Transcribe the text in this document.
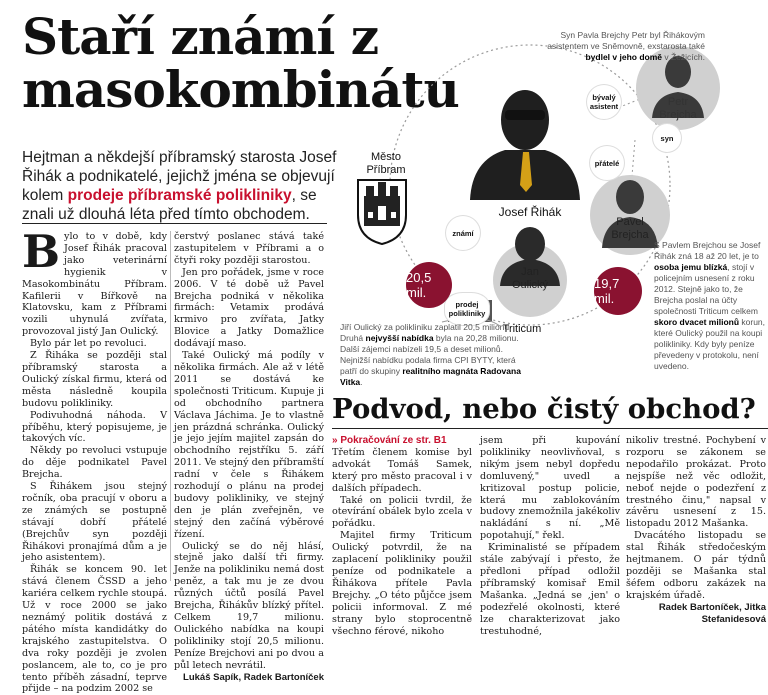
Staří známí z masokombinátu
Hejtman a někdejší příbramský starosta Josef Řihák a podnikatelé, jejichž jména se objevují kolem prodeje příbramské polikliniky, se znali už dlouhá léta před tímto obchodem.

Bylo to v době, kdy Josef Řihák pracoval jako veterinární hygienik v Masokombinátu Příbram. Kafilerii v Bířkově na Klatovsku, kam z Příbrami vozili uhynulá zvířata, provozoval jistý Jan Oulický.

Bylo pár let po revoluci.

Z Řiháka se později stal příbramský starosta a Oulický získal firmu, která od města následně koupila budovu polikliniky.

Podivuhodná náhoda. V příběhu, který popisujeme, je takových víc.

Někdy po revoluci vstupuje do děje podnikatel Pavel Brejcha.

S Řihákem jsou stejný ročník, oba pracují v oboru a ze známých se postupně stávají dobří přátelé (Brejchův syn později Řihákovi pronajímá dům a je jeho asistentem).

Řihák se koncem 90. let stává členem ČSSD a jeho kariéra celkem rychle stoupá. Už v roce 2000 se jako neznámý politik dostává z pátého místa kandidátky do krajského zastupitelstva. O dva roky později je zvolen poslancem, ale to, co je pro tento příběh zásadní, teprve přijde – na podzim 2002 se

čerstvý poslanec stává také zastupitelem v Příbrami a o čtyři roky později starostou.

Jen pro pořádek, jsme v roce 2006. V té době už Pavel Brejcha podniká v několika firmách: Vetamix prodává krmivo pro zvířata, Jatky Blovice a Jatky Domažlice dodávají maso.

Také Oulický má podíly v několika firmách. Ale až v létě 2011 se dostává ke společnosti Triticum. Kupuje ji od obchodního partnera Václava Jáchima. Je to vlastně jen prázdná schránka. Oulický je jejo jejím majitel zapsán do obchodního rejstříku 5. září 2011. Ve stejný den příbramští radní v čele s Řihákem rozhodují o plánu na prodej budovy polikliniky, ve stejný den je plán zveřejněn, ve stejný den začíná výběrové řízení.

Oulický se do něj hlásí, stejně jako další tři firmy. Jenže na polikliniku nemá dost peněz, a tak mu je ze dvou různých účtů posílá Pavel Brejcha, Řihákův blízký přítel. Celkem 19,7 milionu. Oulického nabídka na koupi polikliniky stojí 20,5 milionu. Peníze Brejchovi ani po dvou a půl letech nevrátil.

Lukáš Sapík, Radek Bartoníček
Město Příbram
Josef Řihák
Petr Brejcha
Pavel Brejcha
Jan Oulický
Triticum
bývalý asistent
syn
přátelé
známí
prodej polikliniky
20,5 mil.
19,7 mil.
Syn Pavla Brejchy Petr byl Řihákovým asistentem ve Sněmovně, exstarosta také bydlel v jeho domě v Žežicích.
S Pavlem Brejchou se Josef Řihák zná 18 až 20 let, je to osoba jemu blízká, stojí v policejním usnesení z roku 2012. Stejně jako to, že Brejcha poslal na účty společnosti Triticum celkem skoro dvacet milionů korun, které Oulický použil na koupi polikliniky. Kdy byly peníze převedeny v protokolu, není uvedeno.
Jiří Oulický za polikliniku zaplatil 20,5 milionu. Druhá nejvyšší nabídka byla na 20,28 milionu. Další zájemci nabízeli 19,5 a deset milionů. Nejnižší nabídku podala firma CPI BYTY, která patří do skupiny realitního magnáta Radovana Vitka.
Podvod, nebo čistý obchod?

» Pokračování ze str. B1

Třetím členem komise byl advokát Tomáš Samek, který pro město pracoval i v dalších případech.

Také on policii tvrdil, že otevírání obálek bylo zcela v pořádku.

Majitel firmy Triticum Oulický potvrdil, že na zaplacení polikliniky použil peníze od podnikatele a Řihákova přítele Pavla Brejchy. „O této půjčce jsem policii informoval. Z mé strany bylo stoprocentně všechno férové, nikoho

jsem při kupování polikliniky neovlivňoval, s nikým jsem nebyl dopředu domluvený," uvedl a kritizoval postup policie, která mu zablokováním budovy znemožnila jakékoliv nakládání s ní. „Mě popotahují," řekl.

Kriminalisté se případem stále zabývají i přesto, že předloni případ odložil příbramský komisař Emil Mašanka. „Jedná se ,jen' o podezřelé okolnosti, které lze charakterizovat jako trestuhodné,

nikoliv trestné. Pochybení v rozporu se zákonem se nepodařilo prokázat. Proto nejspíše než věc odložit, neboť nejde o podezření z trestného činu," napsal v závěru usnesení z 15. listopadu 2012 Mašanka.

Dvacátého listopadu se stal Řihák středočeským hejtmanem. O pár týdnů později se Mašanka stal šéfem odboru zakázek na krajském úřadě.

Radek Bartoníček, Jitka Stefanidesová
